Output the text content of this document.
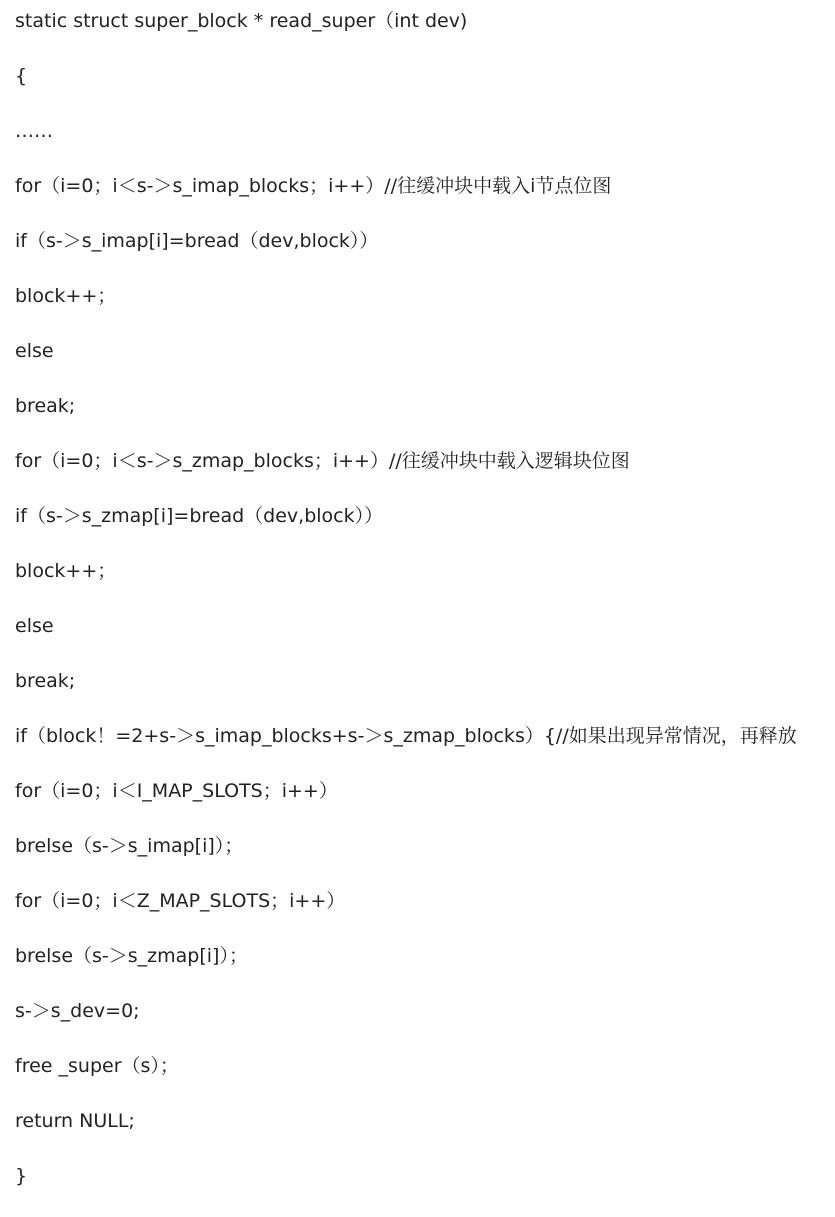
static struct super_block * read_super（int dev)
{
……
for（i=0；i＜s-＞s_imap_blocks；i++）//往缓冲块中载入i节点位图
if（s-＞s_imap[i]=bread（dev,block））
block++；
else
break;
for（i=0；i＜s-＞s_zmap_blocks；i++）//往缓冲块中载入逻辑块位图
if（s-＞s_zmap[i]=bread（dev,block））
block++；
else
break;
if（block！=2+s-＞s_imap_blocks+s-＞s_zmap_blocks）{//如果出现异常情况，再释放
for（i=0；i＜I_MAP_SLOTS；i++）
brelse（s-＞s_imap[i]）；
for（i=0；i＜Z_MAP_SLOTS；i++）
brelse（s-＞s_zmap[i]）；
s-＞s_dev=0;
free _super（s）；
return NULL;
}
